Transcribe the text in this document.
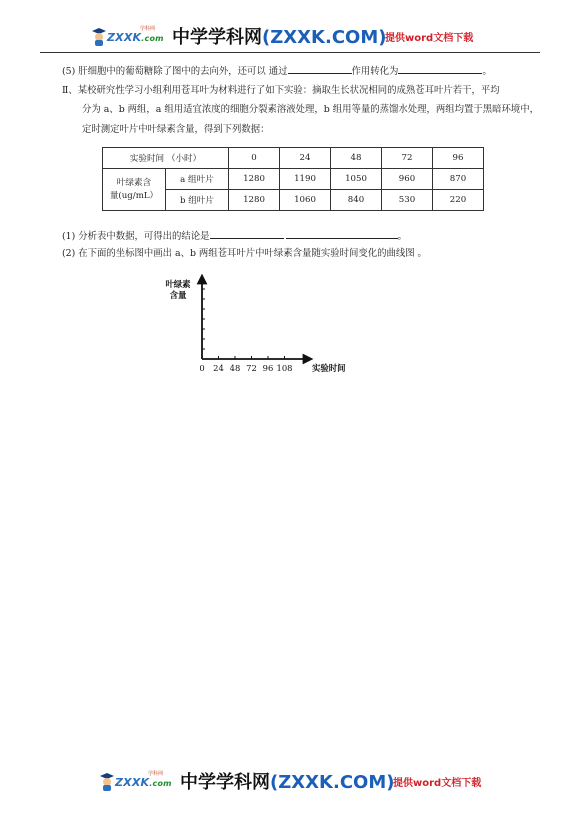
ZXXK.com
学科网 中学学科网(ZXXK.COM)
提供word文档下载
(5) 肝细胞中的葡萄糖除了图中的去向外，还可以 通过	作用转化为	。
Ⅱ、某校研究性学习小组利用苍耳叶为材料进行了如下实验：摘取生长状况相同的成熟苍耳叶片若干，平均
分为 a、b 两组，a 组用适宜浓度的细胞分裂素溶液处理，b 组用等量的蒸馏水处理，两组均置于黑暗环境中，
定时测定叶片中叶绿素含量，得到下列数据：
实验时间 （小时）		0	24	48	72	96
叶绿素含
量(ug/mL）	a 组叶片	1280	1190	1050	960	870
	b 组叶片	1280	1060	840	530	220
(1) 分析表中数据，可得出的结论是	。
(2) 在下面的坐标图中画出 a、b 两组苍耳叶片中叶绿素含量随实验时间变化的曲线图 。
叶绿素
含量
0 24 48 72 96 108 实验时间
ZXXK.com
学科网 中学学科网(ZXXK.COM)
提供word文档下载
